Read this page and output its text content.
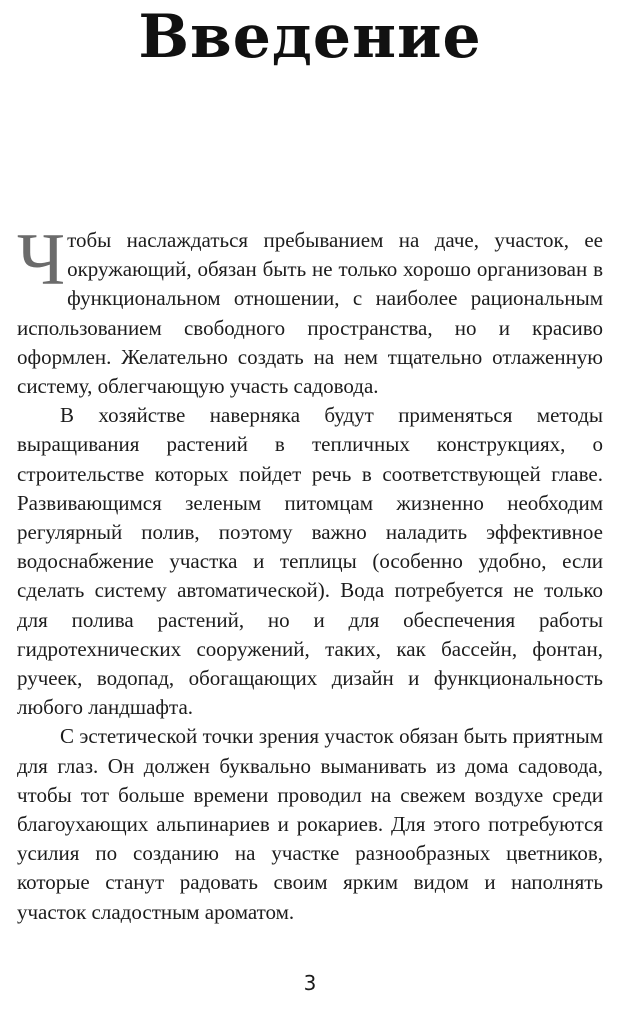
Введение

Чтобы наслаждаться пребыванием на даче, участок, ее окружающий, обязан быть не только хорошо организован в функциональном отношении, с наиболее рациональным использованием свободного пространства, но и красиво оформлен. Желательно создать на нем тщательно отлаженную систему, облегчающую участь садовода.

В хозяйстве наверняка будут применяться методы выращивания растений в тепличных конструкциях, о строительстве которых пойдет речь в соответствующей главе. Развивающимся зеленым питомцам жизненно необходим регулярный полив, поэтому важно наладить эффективное водоснабжение участка и теплицы (особенно удобно, если сделать систему автоматической). Вода потребуется не только для полива растений, но и для обеспечения работы гидротехнических сооружений, таких, как бассейн, фонтан, ручеек, водопад, обогащающих дизайн и функциональность любого ландшафта.

С эстетической точки зрения участок обязан быть приятным для глаз. Он должен буквально выманивать из дома садовода, чтобы тот больше времени проводил на свежем воздухе среди благоухающих альпинариев и рокариев. Для этого потребуются усилия по созданию на участке разнообразных цветников, которые станут радовать своим ярким видом и наполнять участок сладостным ароматом.

3
